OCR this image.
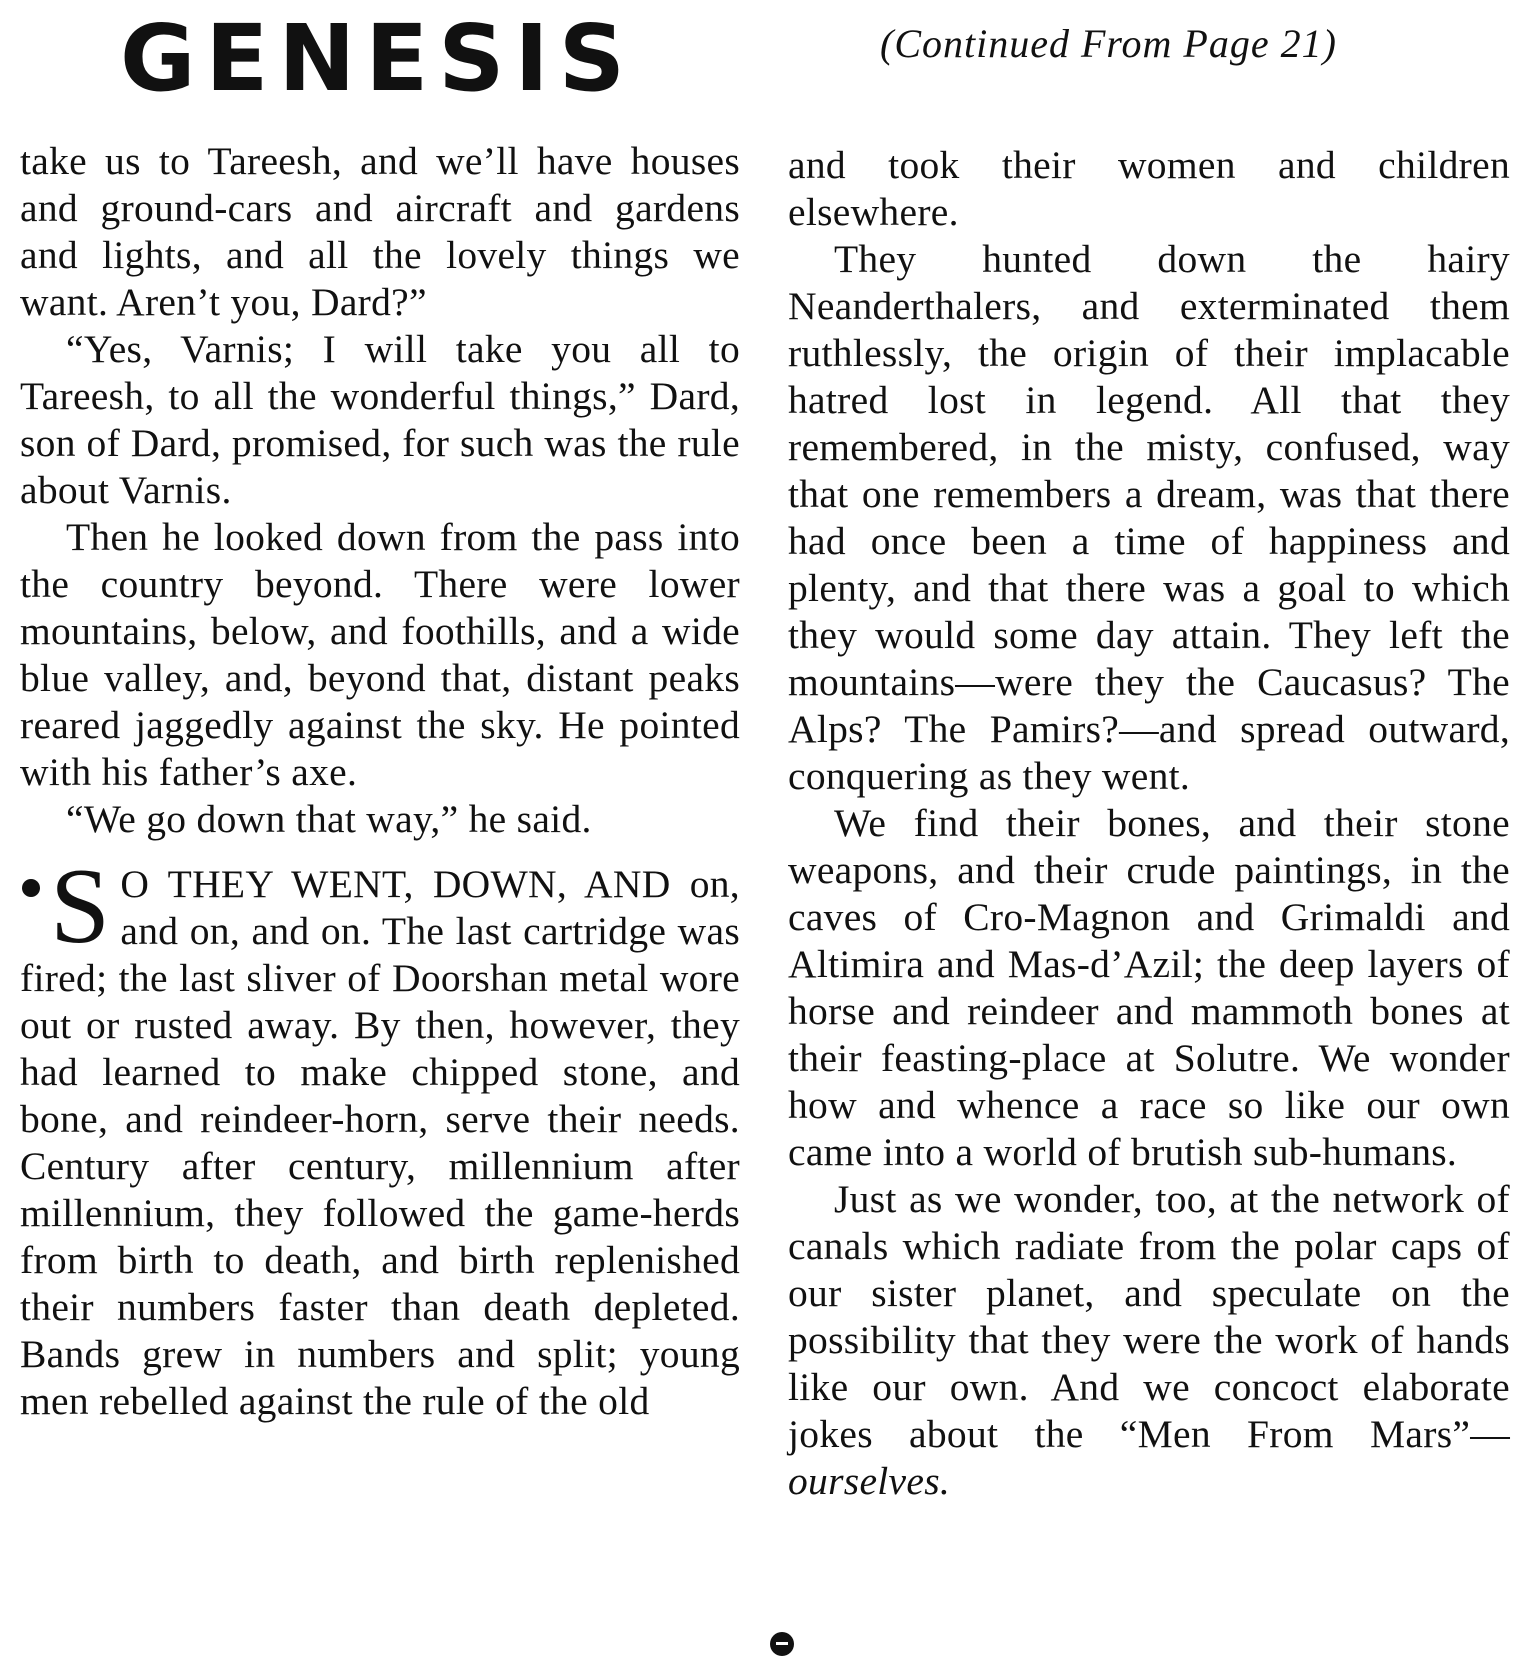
GENESIS	(Continued From Page 21)

take us to Tareesh, and we’ll have houses and ground-cars and aircraft and gardens and lights, and all the lovely things we want. Aren’t you, Dard?”

“Yes, Varnis; I will take you all to Tareesh, to all the wonderful things,” Dard, son of Dard, promised, for such was the rule about Varnis.

Then he looked down from the pass into the country beyond. There were lower mountains, below, and foothills, and a wide blue valley, and, beyond that, distant peaks reared jaggedly against the sky. He pointed with his father’s axe.

“We go down that way,” he said.

S O THEY WENT, DOWN, AND on, and on, and on. The last cartridge was fired; the last sliver of Doorshan metal wore out or rusted away. By then, however, they had learned to make chipped stone, and bone, and reindeer-horn, serve their needs. Century after century, millennium after millennium, they followed the game-herds from birth to death, and birth replenished their numbers faster than death depleted. Bands grew in numbers and split; young men rebelled against the rule of the old

and took their women and children elsewhere.

They hunted down the hairy Neanderthalers, and exterminated them ruthlessly, the origin of their implacable hatred lost in legend. All that they remembered, in the misty, confused, way that one remembers a dream, was that there had once been a time of happiness and plenty, and that there was a goal to which they would some day attain. They left the mountains—were they the Caucasus? The Alps? The Pamirs?—and spread outward, conquering as they went.

We find their bones, and their stone weapons, and their crude paintings, in the caves of Cro-Magnon and Grimaldi and Altimira and Mas-d’Azil; the deep layers of horse and reindeer and mammoth bones at their feasting-place at Solutre. We wonder how and whence a race so like our own came into a world of brutish sub-humans.

Just as we wonder, too, at the network of canals which radiate from the polar caps of our sister planet, and speculate on the possibility that they were the work of hands like our own. And we concoct elaborate jokes about the “Men From Mars”—ourselves.
